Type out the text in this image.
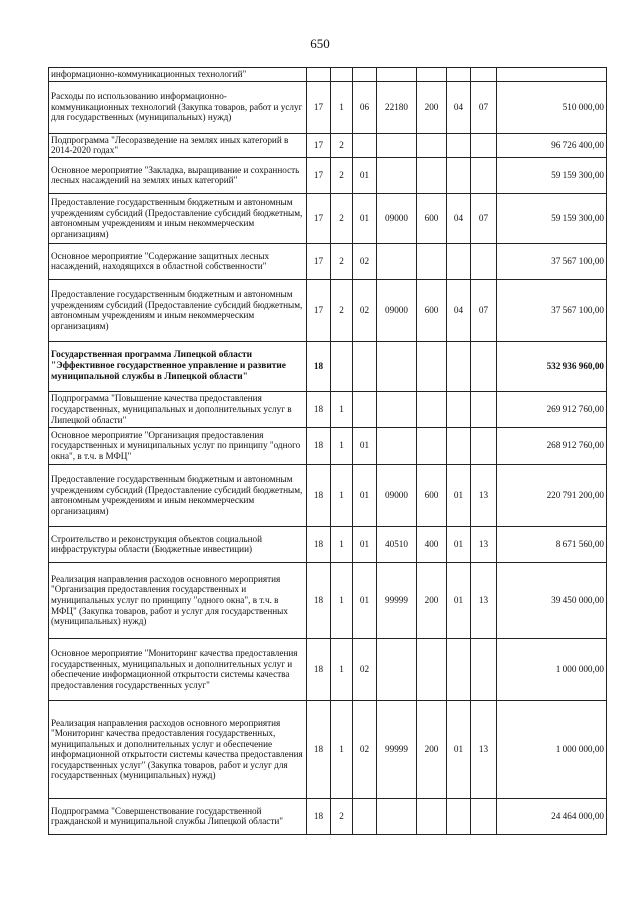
650
информационно-коммуникационных технологий"								
Расходы по использованию информационно-коммуникационных технологий (Закупка товаров, работ и услуг для государственных (муниципальных) нужд)	17	1	06	22180	200	04	07	510 000,00
Подпрограмма "Лесоразведение на землях иных категорий в 2014-2020 годах"	17	2						96 726 400,00
Основное мероприятие "Закладка, выращивание и сохранность лесных насаждений на землях иных категорий"	17	2	01					59 159 300,00
Предоставление государственным бюджетным и автономным учреждениям субсидий (Предоставление субсидий бюджетным, автономным учреждениям и иным некоммерческим организациям)	17	2	01	09000	600	04	07	59 159 300,00
Основное мероприятие "Содержание защитных лесных насаждений, находящихся в областной собственности"	17	2	02					37 567 100,00
Предоставление государственным бюджетным и автономным учреждениям субсидий (Предоставление субсидий бюджетным, автономным учреждениям и иным некоммерческим организациям)	17	2	02	09000	600	04	07	37 567 100,00
Государственная программа Липецкой области "Эффективное государственное управление и развитие муниципальной службы в Липецкой области"	18							532 936 960,00
Подпрограмма "Повышение качества предоставления государственных, муниципальных и дополнительных услуг в Липецкой области"	18	1						269 912 760,00
Основное мероприятие "Организация предоставления государственных и муниципальных услуг по принципу "одного окна", в т.ч. в МФЦ"	18	1	01					268 912 760,00
Предоставление государственным бюджетным и автономным учреждениям субсидий (Предоставление субсидий бюджетным, автономным учреждениям и иным некоммерческим организациям)	18	1	01	09000	600	01	13	220 791 200,00
Строительство и реконструкция объектов социальной инфраструктуры области (Бюджетные инвестиции)	18	1	01	40510	400	01	13	8 671 560,00
Реализация направления расходов основного мероприятия "Организация предоставления государственных и муниципальных услуг по принципу "одного окна", в т.ч. в МФЦ" (Закупка товаров, работ и услуг для государственных (муниципальных) нужд)	18	1	01	99999	200	01	13	39 450 000,00
Основное мероприятие "Мониторинг качества предоставления государственных, муниципальных и дополнительных услуг и обеспечение информационной открытости системы качества предоставления государственных услуг"	18	1	02					1 000 000,00
Реализация направления расходов основного мероприятия "Мониторинг качества предоставления государственных, муниципальных и дополнительных услуг и обеспечение информационной открытости системы качества предоставления государственных услуг" (Закупка товаров, работ и услуг для государственных (муниципальных) нужд)	18	1	02	99999	200	01	13	1 000 000,00
Подпрограмма "Совершенствование государственной гражданской и муниципальной службы Липецкой области"	18	2						24 464 000,00
